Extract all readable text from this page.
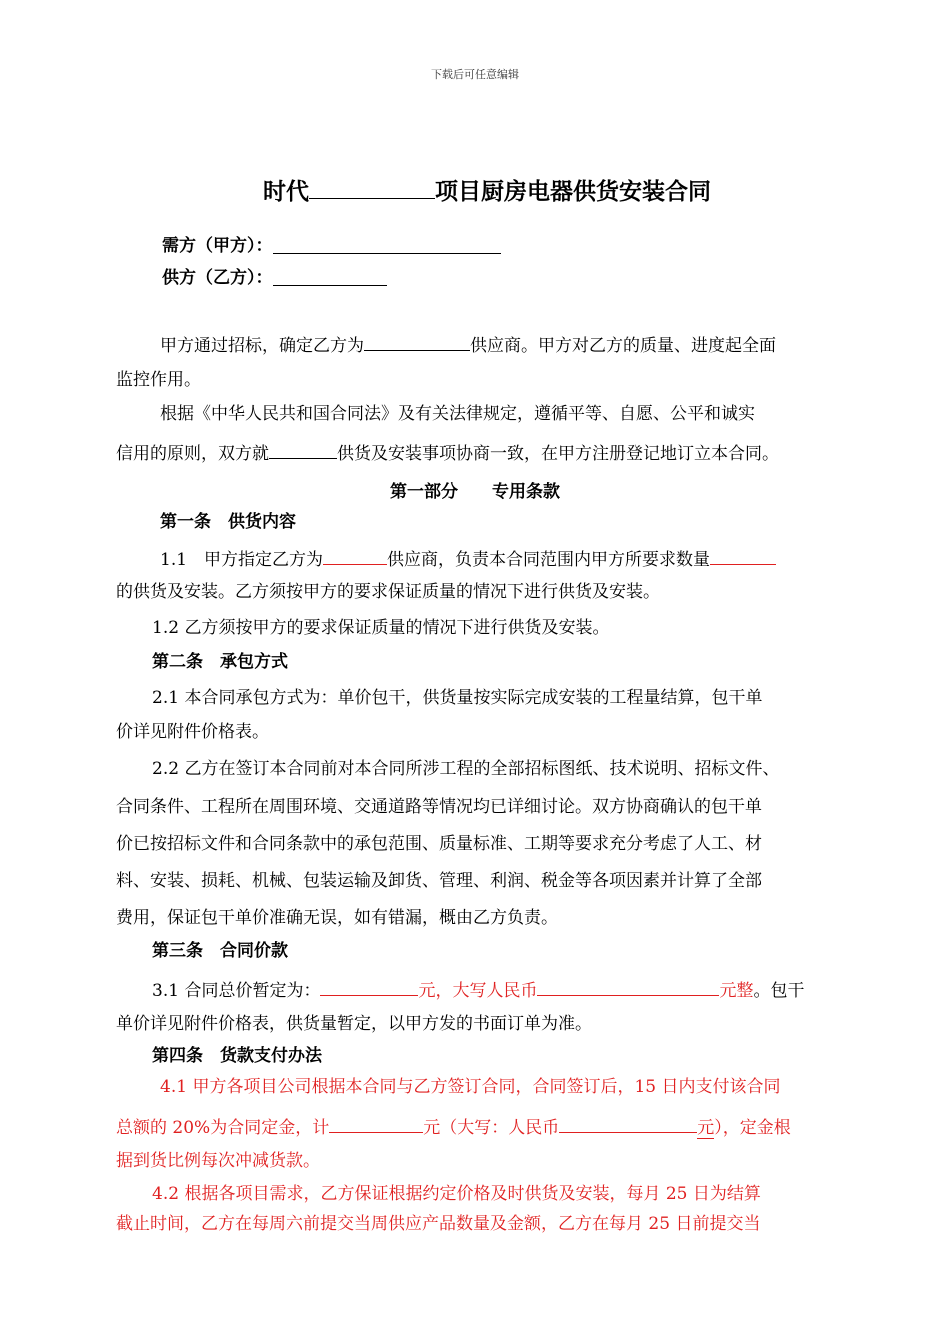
下载后可任意编辑
时代	项目厨房电器供货安装合同
需方（甲方）：
供方（乙方）：
甲方通过招标，确定乙方为	供应商。甲方对乙方的质量、进度起全面
监控作用。
根据《中华人民共和国合同法》及有关法律规定，遵循平等、自愿、公平和诚实
信用的原则，双方就	供货及安装事项协商一致，在甲方注册登记地订立本合同。
第一部分　　专用条款
第一条　供货内容
1.1　甲方指定乙方为	供应商，负责本合同范围内甲方所要求数量
的供货及安装。乙方须按甲方的要求保证质量的情况下进行供货及安装。
1.2 乙方须按甲方的要求保证质量的情况下进行供货及安装。
第二条　承包方式
2.1 本合同承包方式为：单价包干，供货量按实际完成安装的工程量结算，包干单
价详见附件价格表。
2.2 乙方在签订本合同前对本合同所涉工程的全部招标图纸、技术说明、招标文件、
合同条件、工程所在周围环境、交通道路等情况均已详细讨论。双方协商确认的包干单
价已按招标文件和合同条款中的承包范围、质量标准、工期等要求充分考虑了人工、材
料、安装、损耗、机械、包装运输及卸货、管理、利润、税金等各项因素并计算了全部
费用，保证包干单价准确无误，如有错漏，概由乙方负责。
第三条　合同价款
3.1 合同总价暂定为：	元，大写人民币	元整。包干
单价详见附件价格表，供货量暂定，以甲方发的书面订单为准。
第四条　货款支付办法
4.1 甲方各项目公司根据本合同与乙方签订合同，合同签订后，15 日内支付该合同
总额的 20%为合同定金，计	元（大写：人民币	元），定金根
据到货比例每次冲减货款。
4.2 根据各项目需求，乙方保证根据约定价格及时供货及安装，每月 25 日为结算
截止时间，乙方在每周六前提交当周供应产品数量及金额，乙方在每月 25 日前提交当
